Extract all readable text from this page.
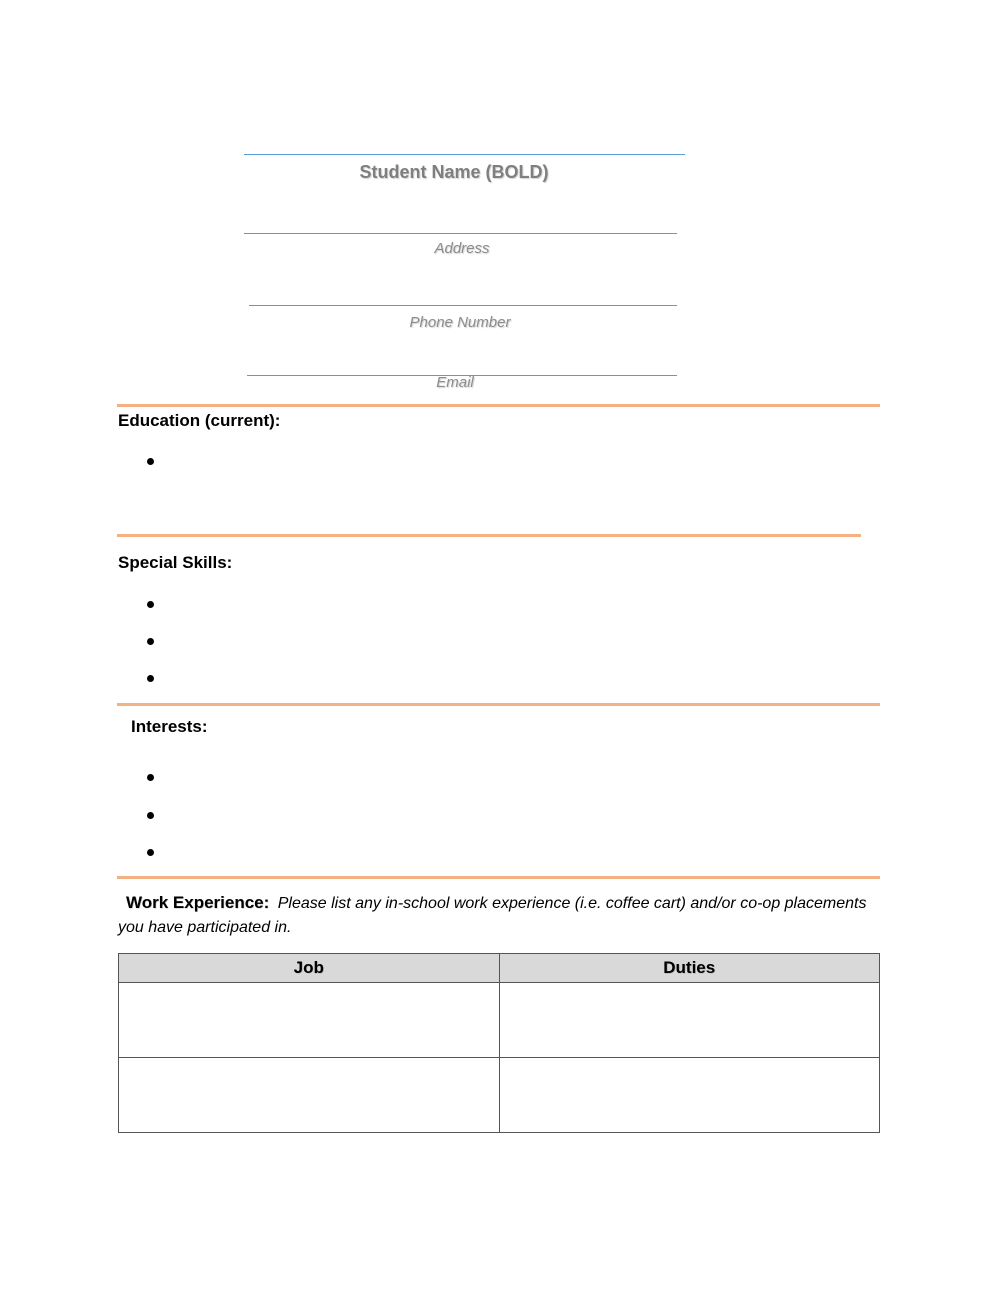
Student Name (BOLD)
Address
Phone Number
Email
Education (current):
Special Skills:
Interests:
Work Experience: Please list any in-school work experience (i.e. coffee cart) and/or co-op placements
you have participated in.
Job	Duties
